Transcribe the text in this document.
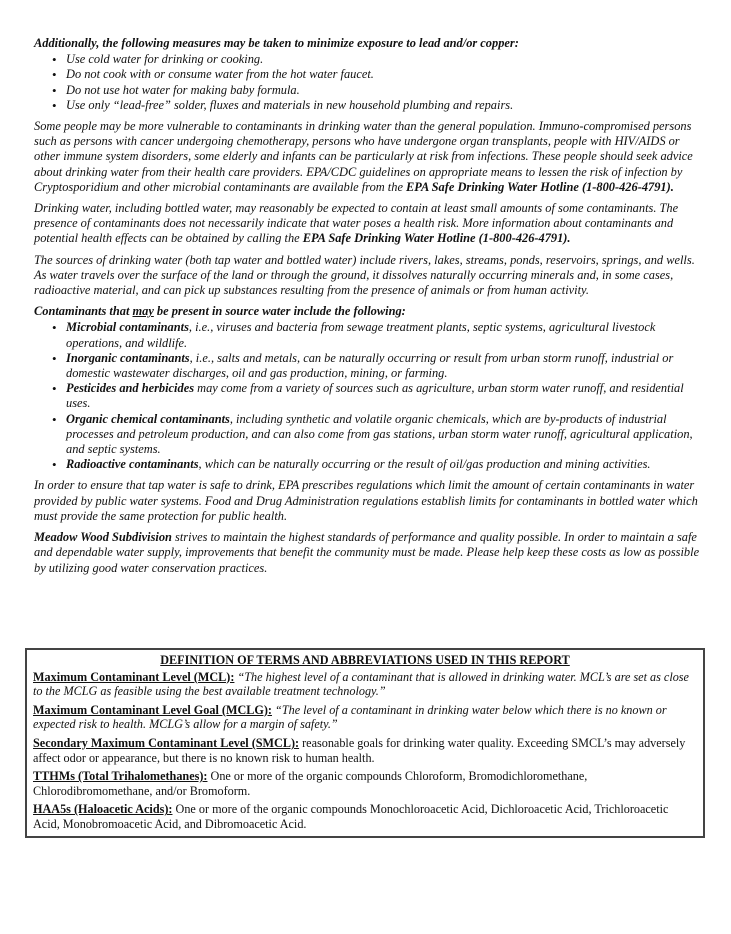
Additionally, the following measures may be taken to minimize exposure to lead and/or copper:
• Use cold water for drinking or cooking.
• Do not cook with or consume water from the hot water faucet.
• Do not use hot water for making baby formula.
• Use only “lead-free” solder, fluxes and materials in new household plumbing and repairs.

Some people may be more vulnerable to contaminants in drinking water than the general population. Immuno-compromised persons such as persons with cancer undergoing chemotherapy, persons who have undergone organ transplants, people with HIV/AIDS or other immune system disorders, some elderly and infants can be particularly at risk from infections. These people should seek advice about drinking water from their health care providers. EPA/CDC guidelines on appropriate means to lessen the risk of infection by Cryptosporidium and other microbial contaminants are available from the EPA Safe Drinking Water Hotline (1-800-426-4791).

Drinking water, including bottled water, may reasonably be expected to contain at least small amounts of some contaminants. The presence of contaminants does not necessarily indicate that water poses a health risk. More information about contaminants and potential health effects can be obtained by calling the EPA Safe Drinking Water Hotline (1-800-426-4791).

The sources of drinking water (both tap water and bottled water) include rivers, lakes, streams, ponds, reservoirs, springs, and wells. As water travels over the surface of the land or through the ground, it dissolves naturally occurring minerals and, in some cases, radioactive material, and can pick up substances resulting from the presence of animals or from human activity.

Contaminants that may be present in source water include the following:
• Microbial contaminants, i.e., viruses and bacteria from sewage treatment plants, septic systems, agricultural livestock operations, and wildlife.
• Inorganic contaminants, i.e., salts and metals, can be naturally occurring or result from urban storm runoff, industrial or domestic wastewater discharges, oil and gas production, mining, or farming.
• Pesticides and herbicides may come from a variety of sources such as agriculture, urban storm water runoff, and residential uses.
• Organic chemical contaminants, including synthetic and volatile organic chemicals, which are by-products of industrial processes and petroleum production, and can also come from gas stations, urban storm water runoff, agricultural application, and septic systems.
• Radioactive contaminants, which can be naturally occurring or the result of oil/gas production and mining activities.

In order to ensure that tap water is safe to drink, EPA prescribes regulations which limit the amount of certain contaminants in water provided by public water systems. Food and Drug Administration regulations establish limits for contaminants in bottled water which must provide the same protection for public health.

Meadow Wood Subdivision strives to maintain the highest standards of performance and quality possible. In order to maintain a safe and dependable water supply, improvements that benefit the community must be made. Please help keep these costs as low as possible by utilizing good water conservation practices.

DEFINITION OF TERMS AND ABBREVIATIONS USED IN THIS REPORT
Maximum Contaminant Level (MCL): “The highest level of a contaminant that is allowed in drinking water. MCL’s are set as close to the MCLG as feasible using the best available treatment technology.”
Maximum Contaminant Level Goal (MCLG): “The level of a contaminant in drinking water below which there is no known or expected risk to health. MCLG’s allow for a margin of safety.”
Secondary Maximum Contaminant Level (SMCL): reasonable goals for drinking water quality. Exceeding SMCL’s may adversely affect odor or appearance, but there is no known risk to human health.
TTHMs (Total Trihalomethanes): One or more of the organic compounds Chloroform, Bromodichloromethane, Chlorodibromomethane, and/or Bromoform.
HAA5s (Haloacetic Acids): One or more of the organic compounds Monochloroacetic Acid, Dichloroacetic Acid, Trichloroacetic Acid, Monobromoacetic Acid, and Dibromoacetic Acid.
